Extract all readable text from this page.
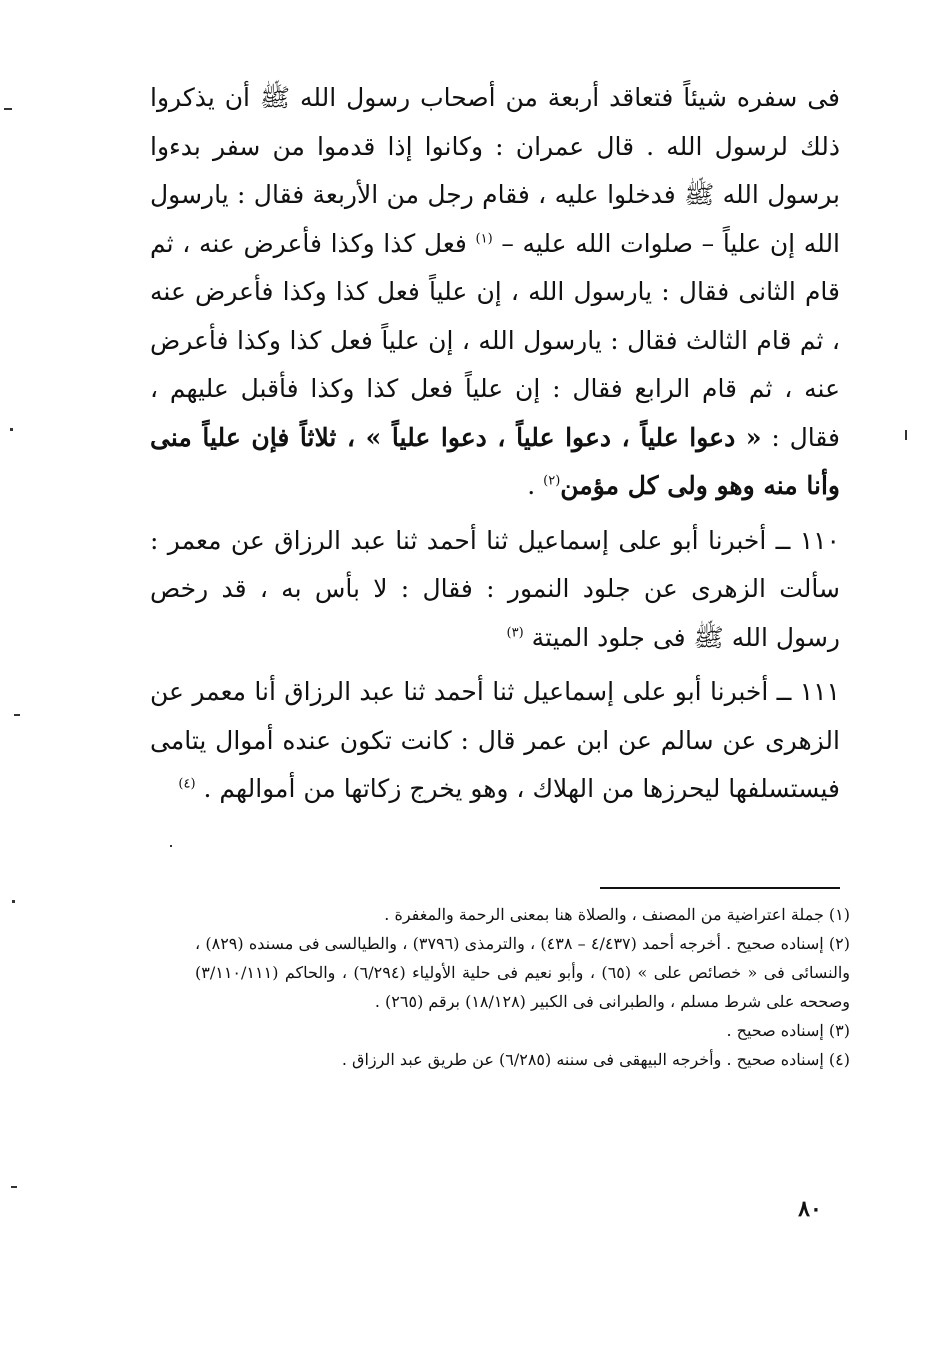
فى سفره شيئاً فتعاقد أربعة من أصحاب رسول الله ﷺ أن يذكروا ذلك لرسول الله . قال عمران : وكانوا إذا قدموا من سفر بدءوا برسول الله ﷺ فدخلوا عليه ، فقام رجل من الأربعة فقال : يارسول الله إن علياً – صلوات الله عليه – $^{(١)}$ فعل كذا وكذا فأعرض عنه ، ثم قام الثانى فقال : يارسول الله ، إن علياً فعل كذا وكذا فأعرض عنه ، ثم قام الثالث فقال : يارسول الله ، إن علياً فعل كذا وكذا فأعرض عنه ، ثم قام الرابع فقال : إن علياً فعل كذا وكذا فأقبل عليهم ، فقال : « دعوا علياً ، دعوا علياً ، دعوا علياً » ، ثلاثاً فإن علياً منى وأنا منه وهو ولى كل مؤمن$^{(٢)}$ .

١١٠ ــ أخبرنا أبو على إسماعيل ثنا أحمد ثنا عبد الرزاق عن معمر : سألت الزهرى عن جلود النمور : فقال : لا بأس به ، قد رخص رسول الله ﷺ فى جلود الميتة $^{(٣)}$

١١١ ــ أخبرنا أبو على إسماعيل ثنا أحمد ثنا عبد الرزاق أنا معمر عن الزهرى عن سالم عن ابن عمر قال : كانت تكون عنده أموال يتامى فيستسلفها ليحرزها من الهلاك ، وهو يخرج زكاتها من أموالهم . $^{(٤)}$

(١) جملة اعتراضية من المصنف ، والصلاة هنا بمعنى الرحمة والمغفرة .

(٢) إسناده صحيح . أخرجه أحمد (٤/٤٣٧ – ٤٣٨) ، والترمذى (٣٧٩٦) ، والطيالسى فى مسنده (٨٢٩) ، والنسائى فى « خصائص على » (٦٥) ، وأبو نعيم فى حلية الأولياء (٦/٢٩٤) ، والحاكم (٣/١١٠/١١١) وصححه على شرط مسلم ، والطبرانى فى الكبير (١٨/١٢٨) برقم (٢٦٥) .

(٣) إسناده صحيح .

(٤) إسناده صحيح . وأخرجه البيهقى فى سننه (٦/٢٨٥) عن طريق عبد الرزاق .

٨٠
